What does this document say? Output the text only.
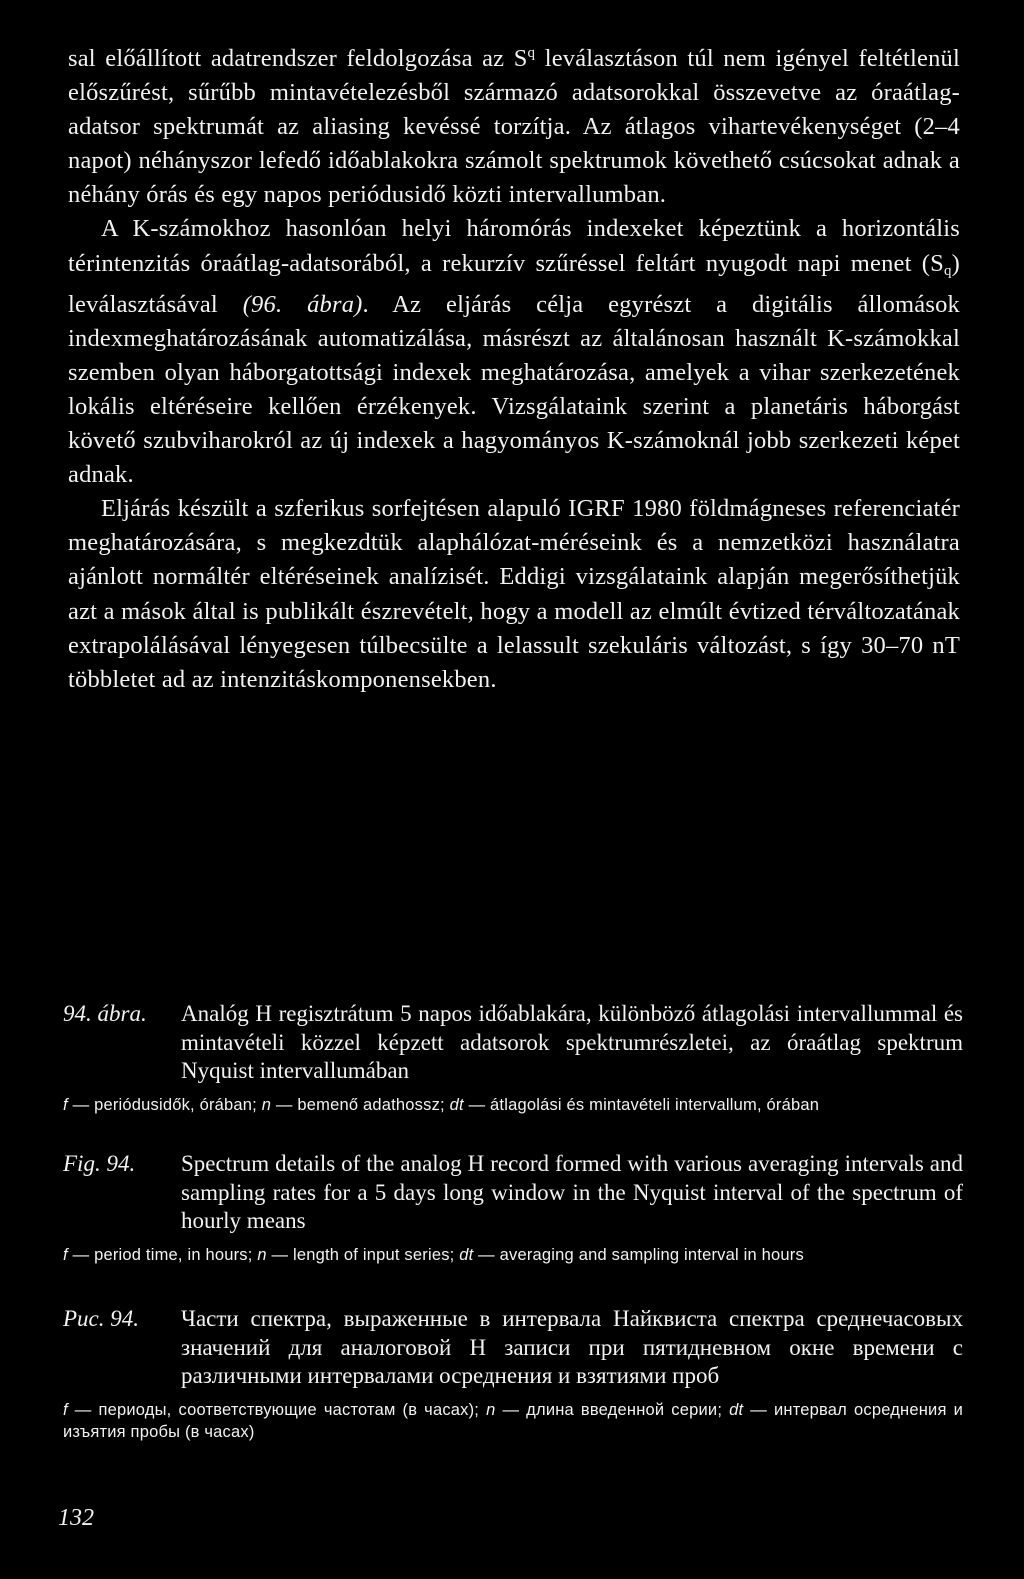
sal előállított adatrendszer feldolgozása az $S^q$ leválasztáson túl nem igényel feltétlenül előszűrést, sűrűbb mintavételezésből származó adatsorokkal összevetve az óraátlag-adatsor spektrumát az aliasing kevéssé torzítja. Az átlagos vihartevékenységet (2–4 napot) néhányszor lefedő időablakokra számolt spektrumok követhető csúcsokat adnak a néhány órás és egy napos periódusidő közti intervallumban.

A K-számokhoz hasonlóan helyi háromórás indexeket képeztünk a horizontális térintenzitás óraátlag-adatsorából, a rekurzív szűréssel feltárt nyugodt napi menet $(S_q)$ leválasztásával (96. ábra). Az eljárás célja egyrészt a digitális állomások indexmeghatározásának automatizálása, másrészt az általánosan használt K-számokkal szemben olyan háborgatottsági indexek meghatározása, amelyek a vihar szerkezetének lokális eltéréseire kellően érzékenyek. Vizsgálataink szerint a planetáris háborgást követő szubviharokról az új indexek a hagyományos K-számoknál jobb szerkezeti képet adnak.

Eljárás készült a szferikus sorfejtésen alapuló IGRF 1980 földmágneses referenciatér meghatározására, s megkezdtük alaphálózat-méréseink és a nemzetközi használatra ajánlott normáltér eltéréseinek analízisét. Eddigi vizsgálataink alapján megerősíthetjük azt a mások által is publikált észrevételt, hogy a modell az elmúlt évtized térváltozatának extrapolálásával lényegesen túlbecsülte a lelassult szekuláris változást, s így 30–70 nT többletet ad az intenzitáskomponensekben.

94. ábra.	Analóg H regisztrátum 5 napos időablakára, különböző átlagolási intervallummal és mintavételi közzel képzett adatsorok spektrumrészletei, az óraátlag spektrum Nyquist intervallumában
f — periódusidők, órában; n — bemenő adathossz; dt — átlagolási és mintavételi intervallum, órában
Fig. 94.	Spectrum details of the analog H record formed with various averaging intervals and sampling rates for a 5 days long window in the Nyquist interval of the spectrum of hourly means
f — period time, in hours; n — length of input series; dt — averaging and sampling interval in hours
Рис. 94.	Части спектра, выраженные в интервала Найквиста спектра среднечасовых значений для аналоговой H записи при пятидневном окне времени с различными интервалами осреднения и взятиями проб
f — периоды, соответствующие частотам (в часах); n — длина введенной серии; dt — интервал осреднения и изъятия пробы (в часах)
132
